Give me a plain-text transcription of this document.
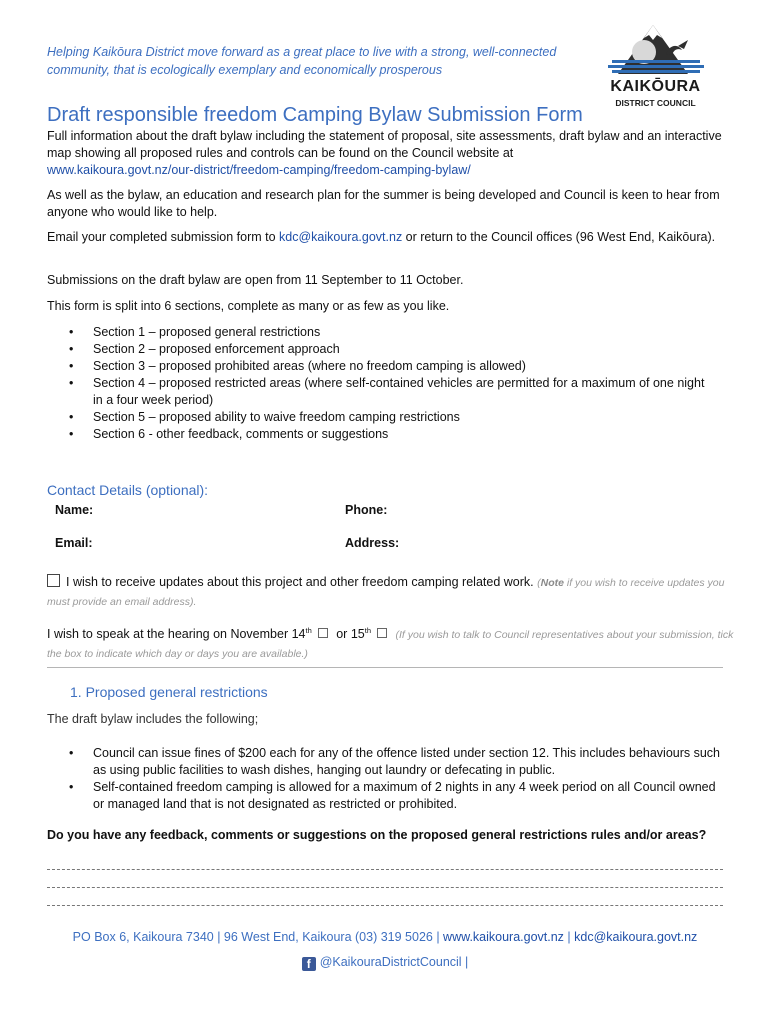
Helping Kaikōura District move forward as a great place to live with a strong, well-connected
community, that is ecologically exemplary and economically prosperous
KAIKŌURA
DISTRICT COUNCIL
Draft responsible freedom Camping Bylaw Submission Form
Full information about the draft bylaw including the statement of proposal, site assessments, draft bylaw and an interactive map showing all proposed rules and controls can be found on the Council website at
www.kaikoura.govt.nz/our-district/freedom-camping/freedom-camping-bylaw/
As well as the bylaw, an education and research plan for the summer is being developed and Council is keen to hear from anyone who would like to help.
Email your completed submission form to kdc@kaikoura.govt.nz or return to the Council offices (96 West End, Kaikōura).
Submissions on the draft bylaw are open from 11 September to 11 October.
This form is split into 6 sections, complete as many or as few as you like.
• Section 1 – proposed general restrictions
• Section 2 – proposed enforcement approach
• Section 3 – proposed prohibited areas (where no freedom camping is allowed)
• Section 4 – proposed restricted areas (where self-contained vehicles are permitted for a maximum of one night in a four week period)
• Section 5 – proposed ability to waive freedom camping restrictions
• Section 6 - other feedback, comments or suggestions
Contact Details (optional):
Name:	Phone:
Email:	Address:
I wish to receive updates about this project and other freedom camping related work. (Note if you wish to receive updates you must provide an email address).
I wish to speak at the hearing on November 14th or 15th (If you wish to talk to Council representatives about your submission, tick the box to indicate which day or days you are available.)
1. Proposed general restrictions
The draft bylaw includes the following;
• Council can issue fines of $200 each for any of the offence listed under section 12. This includes behaviours such as using public facilities to wash dishes, hanging out laundry or defecating in public.
• Self-contained freedom camping is allowed for a maximum of 2 nights in any 4 week period on all Council owned or managed land that is not designated as restricted or prohibited.
Do you have any feedback, comments or suggestions on the proposed general restrictions rules and/or areas?
PO Box 6, Kaikoura 7340 | 96 West End, Kaikoura (03) 319 5026 | www.kaikoura.govt.nz | kdc@kaikoura.govt.nz
f @KaikouraDistrictCouncil |
